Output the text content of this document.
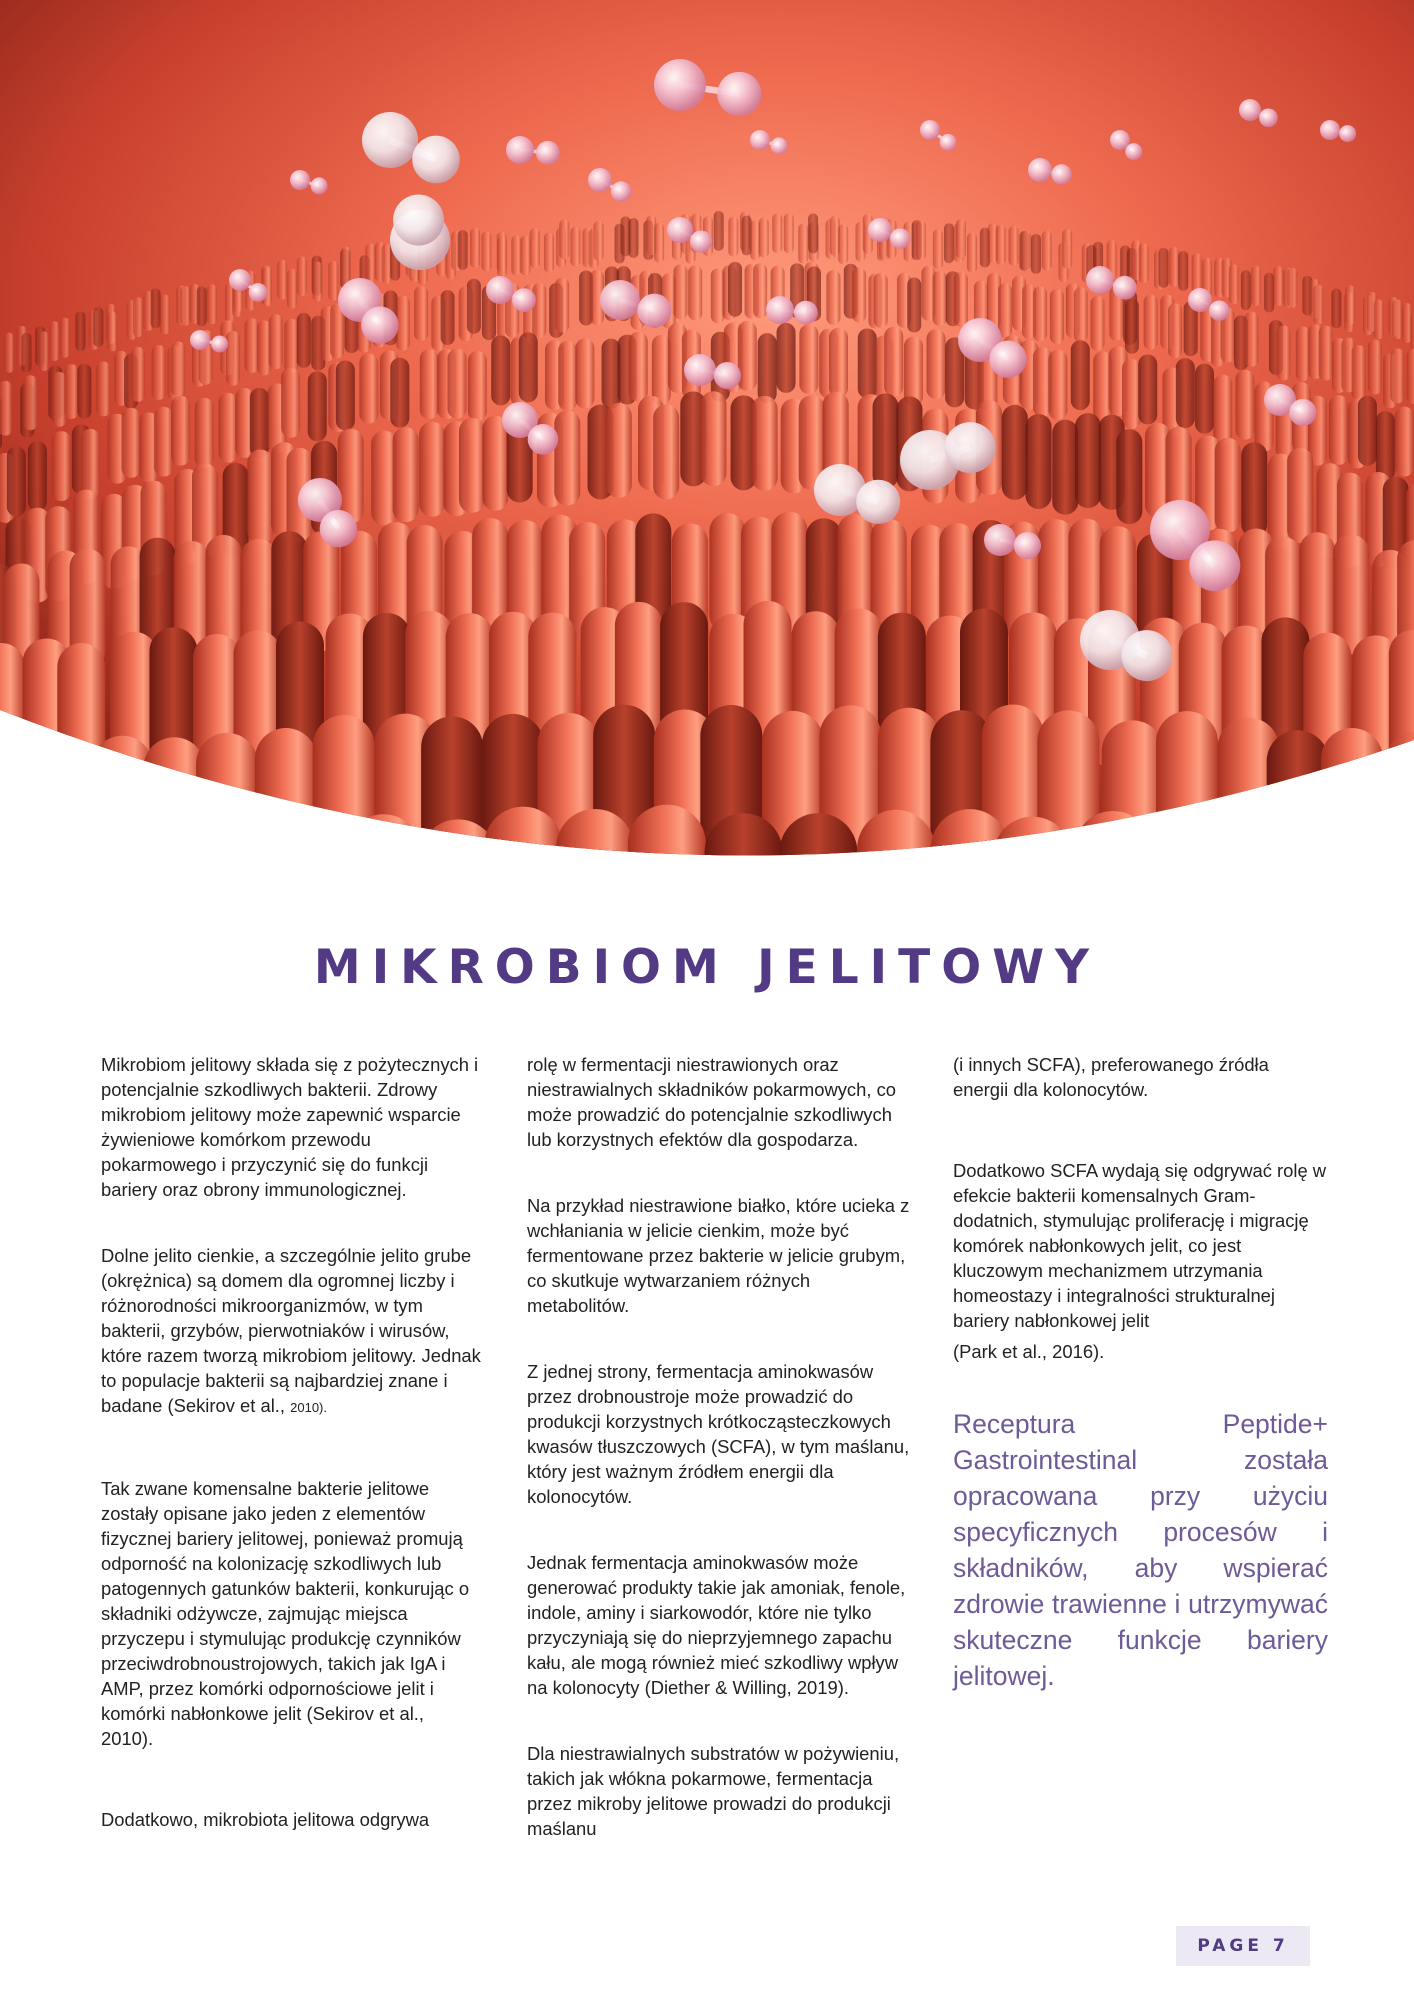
MIKROBIOM JELITOWY

Mikrobiom jelitowy składa się z pożytecznych i potencjalnie szkodliwych bakterii. Zdrowy mikrobiom jelitowy może zapewnić wsparcie żywieniowe komórkom przewodu pokarmowego i przyczynić się do funkcji bariery oraz obrony immunologicznej.

Dolne jelito cienkie, a szczególnie jelito grube (okrężnica) są domem dla ogromnej liczby i różnorodności mikroorganizmów, w tym bakterii, grzybów, pierwotniaków i wirusów, które razem tworzą mikrobiom jelitowy. Jednak to populacje bakterii są najbardziej znane i badane (Sekirov et al., 2010).

Tak zwane komensalne bakterie jelitowe zostały opisane jako jeden z elementów fizycznej bariery jelitowej, ponieważ promują odporność na kolonizację szkodliwych lub patogennych gatunków bakterii, konkurując o składniki odżywcze, zajmując miejsca przyczepu i stymulując produkcję czynników przeciwdrobnoustrojowych, takich jak IgA i AMP, przez komórki odpornościowe jelit i komórki nabłonkowe jelit (Sekirov et al., 2010).

Dodatkowo, mikrobiota jelitowa odgrywa

rolę w fermentacji niestrawionych oraz niestrawialnych składników pokarmowych, co może prowadzić do potencjalnie szkodliwych lub korzystnych efektów dla gospodarza.

Na przykład niestrawione białko, które ucieka z wchłaniania w jelicie cienkim, może być fermentowane przez bakterie w jelicie grubym, co skutkuje wytwarzaniem różnych metabolitów.

Z jednej strony, fermentacja aminokwasów przez drobnoustroje może prowadzić do produkcji korzystnych krótkocząsteczkowych kwasów tłuszczowych (SCFA), w tym maślanu, który jest ważnym źródłem energii dla kolonocytów.

Jednak fermentacja aminokwasów może generować produkty takie jak amoniak, fenole, indole, aminy i siarkowodór, które nie tylko przyczyniają się do nieprzyjemnego zapachu kału, ale mogą również mieć szkodliwy wpływ na kolonocyty (Diether & Willing, 2019).

Dla niestrawialnych substratów w pożywieniu, takich jak włókna pokarmowe, fermentacja przez mikroby jelitowe prowadzi do produkcji maślanu

(i innych SCFA), preferowanego źródła energii dla kolonocytów.

Dodatkowo SCFA wydają się odgrywać rolę w efekcie bakterii komensalnych Gram-dodatnich, stymulując proliferację i migrację komórek nabłonkowych jelit, co jest kluczowym mechanizmem utrzymania homeostazy i integralności strukturalnej bariery nabłonkowej jelit

(Park et al., 2016).

Receptura Peptide+ Gastrointestinal została opracowana przy użyciu specyficznych procesów i składników, aby wspierać zdrowie trawienne i utrzymywać skuteczne funkcje bariery jelitowej.
PAGE 7
